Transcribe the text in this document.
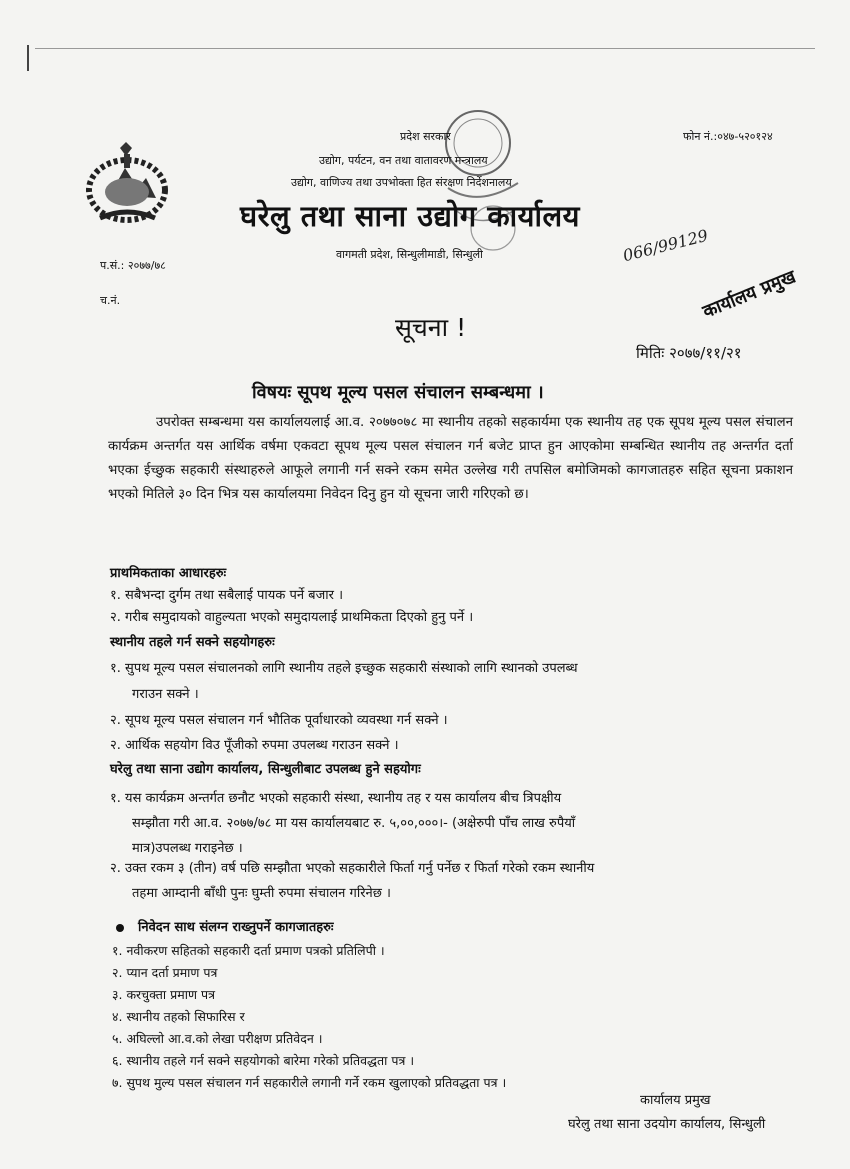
प्रदेश सरकार	फोन नं.:०४७-५२०१२४
उद्योग, पर्यटन, वन तथा वातावरण मन्त्रालय
उद्योग, वाणिज्य तथा उपभोक्ता हित संरक्षण निर्देशनालय
घरेलु तथा साना उद्योग कार्यालय
वागमती प्रदेश, सिन्धुलीमाडी, सिन्धुली
प.सं.: २०७७/७८
च.नं.
066/99129
कार्यालय प्रमुख
सूचना !
मितिः २०७७/११/२१
विषयः सूपथ मूल्य पसल संचालन सम्बन्धमा ।
उपरोक्त सम्बन्धमा यस कार्यालयलाई आ.व. २०७७०७८ मा स्थानीय तहको सहकार्यमा एक स्थानीय तह एक सूपथ मूल्य पसल संचालन कार्यक्रम अन्तर्गत यस आर्थिक वर्षमा एकवटा सूपथ मूल्य पसल संचालन गर्न बजेट प्राप्त हुन आएकोमा सम्बन्धित स्थानीय तह अन्तर्गत दर्ता भएका ईच्छुक सहकारी संस्थाहरुले आफूले लगानी गर्न सक्ने रकम समेत उल्लेख गरी तपसिल बमोजिमको कागजातहरु सहित सूचना प्रकाशन भएको मितिले ३० दिन भित्र यस कार्यालयमा निवेदन दिनु हुन यो सूचना जारी गरिएको छ।
प्राथमिकताका आधारहरुः
१. सबैभन्दा दुर्गम तथा सबैलाई पायक पर्ने बजार ।
२. गरीब समुदायको वाहुल्यता भएको समुदायलाई प्राथमिकता दिएको हुनु पर्ने ।
स्थानीय तहले गर्न सक्ने सहयोगहरुः
१. सुपथ मूल्य पसल संचालनको लागि स्थानीय तहले इच्छुक सहकारी संस्थाको लागि स्थानको उपलब्ध
गराउन सक्ने ।
२. सूपथ मूल्य पसल संचालन गर्न भौतिक पूर्वाधारको व्यवस्था गर्न सक्ने ।
२. आर्थिक सहयोग विउ पूँजीको रुपमा उपलब्ध गराउन सक्ने ।
घरेलु तथा साना उद्योग कार्यालय, सिन्धुलीबाट उपलब्ध हुने सहयोगः
१. यस कार्यक्रम अन्तर्गत छनौट भएको सहकारी संस्था, स्थानीय तह र यस कार्यालय बीच त्रिपक्षीय
सम्झौता गरी आ.व. २०७७/७८ मा यस कार्यालयबाट रु. ५,००,०००।- (अक्षेरुपी पाँच लाख रुपैयाँ
मात्र)उपलब्ध गराइनेछ ।
२. उक्त रकम ३ (तीन) वर्ष पछि सम्झौता भएको सहकारीले फिर्ता गर्नु पर्नेछ र फिर्ता गरेको रकम स्थानीय
तहमा आम्दानी बाँधी पुनः घुम्ती रुपमा संचालन गरिनेछ ।
निवेदन साथ संलग्न राख्नुपर्ने कागजातहरुः
१. नवीकरण सहितको सहकारी दर्ता प्रमाण पत्रको प्रतिलिपी ।
२. प्यान दर्ता प्रमाण पत्र
३. करचुक्ता प्रमाण पत्र
४. स्थानीय तहको सिफारिस र
५. अघिल्लो आ.व.को लेखा परीक्षण प्रतिवेदन ।
६. स्थानीय तहले गर्न सक्ने सहयोगको बारेमा गरेको प्रतिवद्धता पत्र ।
७. सुपथ मुल्य पसल संचालन गर्न सहकारीले लगानी गर्ने रकम खुलाएको प्रतिवद्धता पत्र ।
कार्यालय प्रमुख
घरेलु तथा साना उदयोग कार्यालय, सिन्धुली
